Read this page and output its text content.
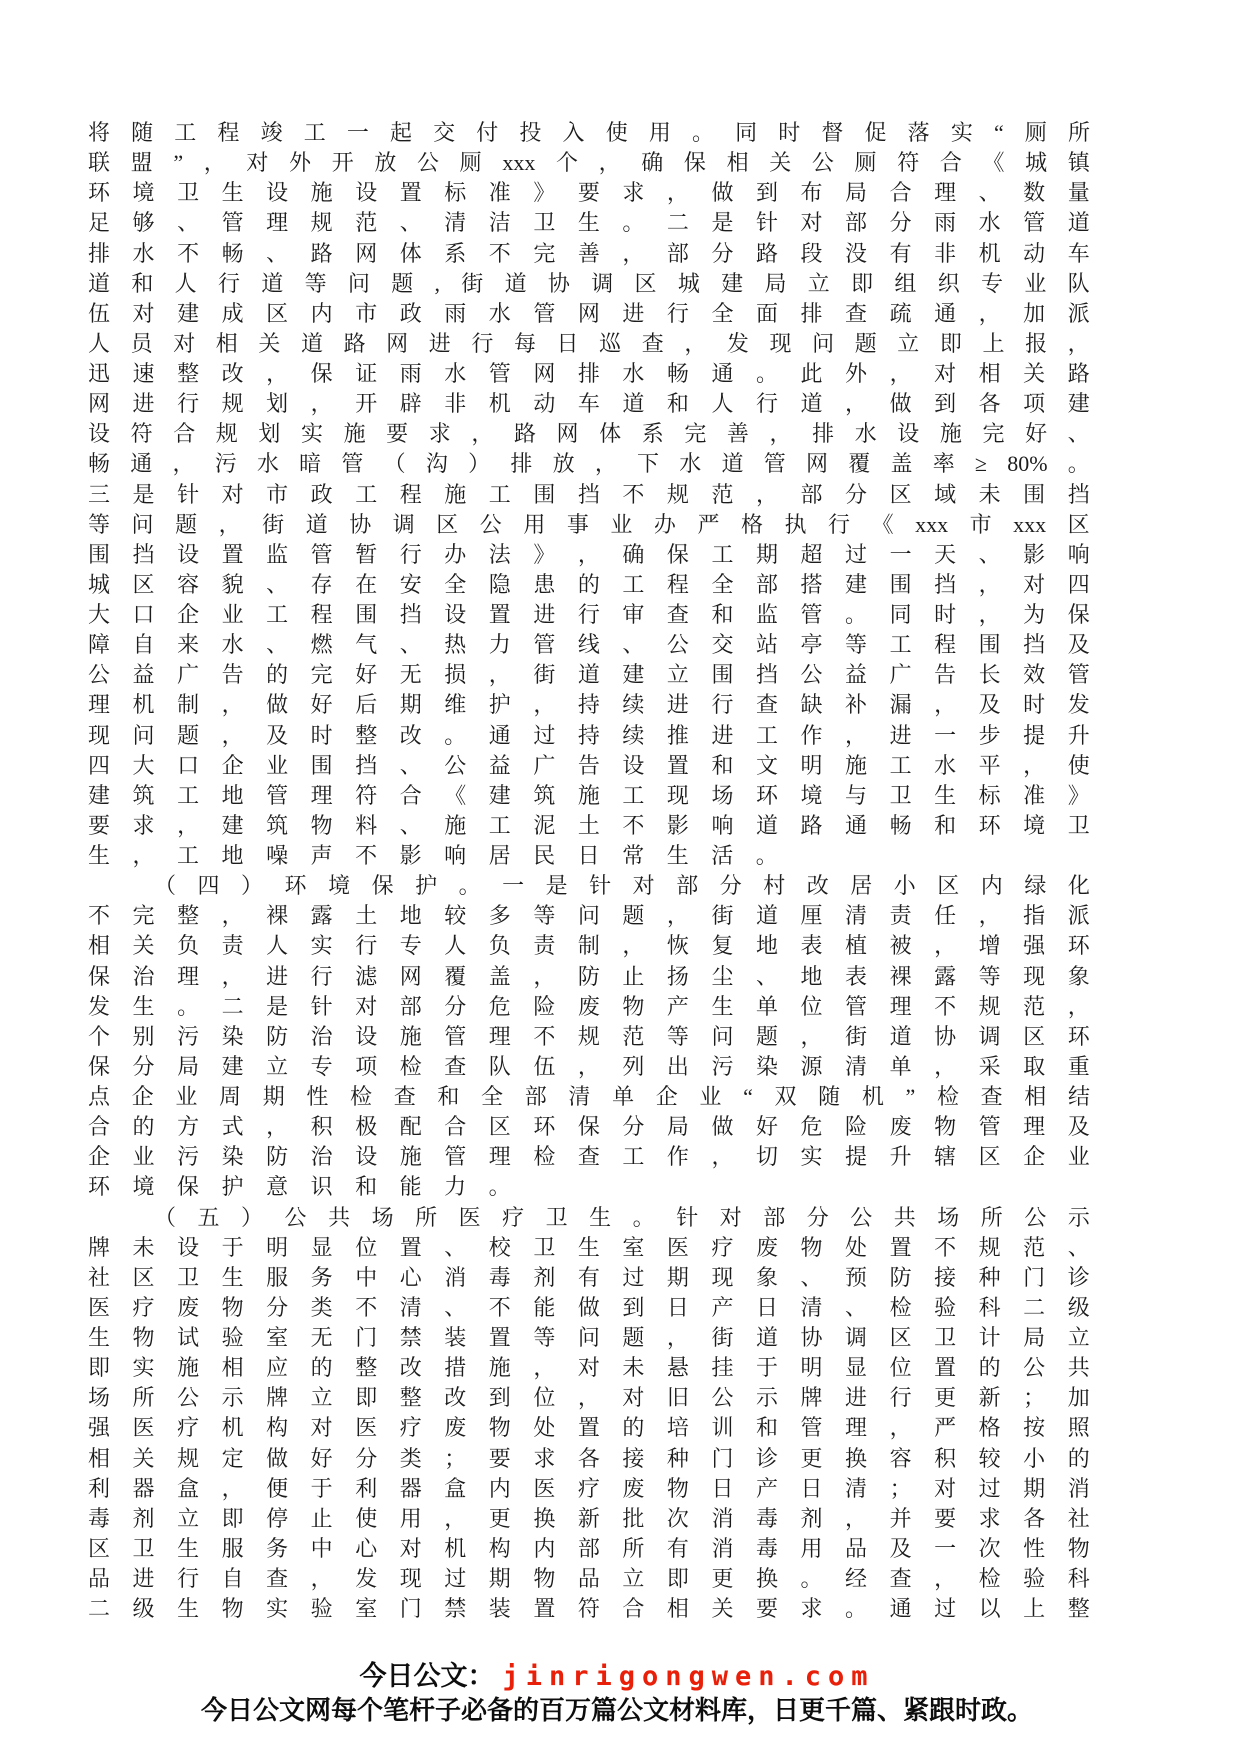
将 随 工 程 竣 工 一 起 交 付 投 入 使 用 。 同 时 督 促 落 实 “ 厕 所
联 盟 ” ， 对 外 开 放 公 厕 xxx 个 ， 确 保 相 关 公 厕 符 合 《 城 镇
环 境 卫 生 设 施 设 置 标 准 》 要 求 ， 做 到 布 局 合 理 、 数 量
足 够 、 管 理 规 范 、 清 洁 卫 生 。 二 是 针 对 部 分 雨 水 管 道
排 水 不 畅 、 路 网 体 系 不 完 善 ， 部 分 路 段 没 有 非 机 动 车
道 和 人 行 道 等 问 题 , 街 道 协 调 区 城 建 局 立 即 组 织 专 业 队
伍 对 建 成 区 内 市 政 雨 水 管 网 进 行 全 面 排 查 疏 通 ， 加 派
人 员 对 相 关 道 路 网 进 行 每 日 巡 查 ， 发 现 问 题 立 即 上 报 ，
迅 速 整 改 ， 保 证 雨 水 管 网 排 水 畅 通 。 此 外 ， 对 相 关 路
网 进 行 规 划 ， 开 辟 非 机 动 车 道 和 人 行 道 ， 做 到 各 项 建
设 符 合 规 划 实 施 要 求 ， 路 网 体 系 完 善 ， 排 水 设 施 完 好 、
畅 通 ， 污 水 暗 管 （ 沟 ） 排 放 ， 下 水 道 管 网 覆 盖 率 ≥ 80% 。
三 是 针 对 市 政 工 程 施 工 围 挡 不 规 范 ， 部 分 区 域 未 围 挡
等 问 题 ， 街 道 协 调 区 公 用 事 业 办 严 格 执 行 《 xxx 市 xxx 区
围 挡 设 置 监 管 暂 行 办 法 》 ， 确 保 工 期 超 过 一 天 、 影 响
城 区 容 貌 、 存 在 安 全 隐 患 的 工 程 全 部 搭 建 围 挡 ， 对 四
大 口 企 业 工 程 围 挡 设 置 进 行 审 查 和 监 管 。 同 时 ， 为 保
障 自 来 水 、 燃 气 、 热 力 管 线 、 公 交 站 亭 等 工 程 围 挡 及
公 益 广 告 的 完 好 无 损 ， 街 道 建 立 围 挡 公 益 广 告 长 效 管
理 机 制 ， 做 好 后 期 维 护 ， 持 续 进 行 查 缺 补 漏 ， 及 时 发
现 问 题 ， 及 时 整 改 。 通 过 持 续 推 进 工 作 ， 进 一 步 提 升
四 大 口 企 业 围 挡 、 公 益 广 告 设 置 和 文 明 施 工 水 平 ， 使
建 筑 工 地 管 理 符 合 《 建 筑 施 工 现 场 环 境 与 卫 生 标 准 》
要 求 ， 建 筑 物 料 、 施 工 泥 土 不 影 响 道 路 通 畅 和 环 境 卫
生 ， 工 地 噪 声 不 影 响 居 民 日 常 生 活 。
（ 四 ） 环 境 保 护 。 一 是 针 对 部 分 村 改 居 小 区 内 绿 化
不 完 整 ， 裸 露 土 地 较 多 等 问 题 ， 街 道 厘 清 责 任 ， 指 派
相 关 负 责 人 实 行 专 人 负 责 制 ， 恢 复 地 表 植 被 ， 增 强 环
保 治 理 ， 进 行 滤 网 覆 盖 ， 防 止 扬 尘 、 地 表 裸 露 等 现 象
发 生 。 二 是 针 对 部 分 危 险 废 物 产 生 单 位 管 理 不 规 范 ，
个 别 污 染 防 治 设 施 管 理 不 规 范 等 问 题 ， 街 道 协 调 区 环
保 分 局 建 立 专 项 检 查 队 伍 ， 列 出 污 染 源 清 单 ， 采 取 重
点 企 业 周 期 性 检 查 和 全 部 清 单 企 业 “ 双 随 机 ” 检 查 相 结
合 的 方 式 ， 积 极 配 合 区 环 保 分 局 做 好 危 险 废 物 管 理 及
企 业 污 染 防 治 设 施 管 理 检 查 工 作 ， 切 实 提 升 辖 区 企 业
环 境 保 护 意 识 和 能 力 。
（ 五 ） 公 共 场 所 医 疗 卫 生 。 针 对 部 分 公 共 场 所 公 示
牌 未 设 于 明 显 位 置 、 校 卫 生 室 医 疗 废 物 处 置 不 规 范 、
社 区 卫 生 服 务 中 心 消 毒 剂 有 过 期 现 象 、 预 防 接 种 门 诊
医 疗 废 物 分 类 不 清 、 不 能 做 到 日 产 日 清 、 检 验 科 二 级
生 物 试 验 室 无 门 禁 装 置 等 问 题 ， 街 道 协 调 区 卫 计 局 立
即 实 施 相 应 的 整 改 措 施 ， 对 未 悬 挂 于 明 显 位 置 的 公 共
场 所 公 示 牌 立 即 整 改 到 位 ， 对 旧 公 示 牌 进 行 更 新 ； 加
强 医 疗 机 构 对 医 疗 废 物 处 置 的 培 训 和 管 理 ， 严 格 按 照
相 关 规 定 做 好 分 类 ； 要 求 各 接 种 门 诊 更 换 容 积 较 小 的
利 器 盒 ， 便 于 利 器 盒 内 医 疗 废 物 日 产 日 清 ； 对 过 期 消
毒 剂 立 即 停 止 使 用 ， 更 换 新 批 次 消 毒 剂 ， 并 要 求 各 社
区 卫 生 服 务 中 心 对 机 构 内 部 所 有 消 毒 用 品 及 一 次 性 物
品 进 行 自 查 ， 发 现 过 期 物 品 立 即 更 换 。 经 查 ， 检 验 科
二 级 生 物 实 验 室 门 禁 装 置 符 合 相 关 要 求 。 通 过 以 上 整
今日公文： jinrigongwen.com
今日公文网每个笔杆子必备的百万篇公文材料库，日更千篇、紧跟时政。
